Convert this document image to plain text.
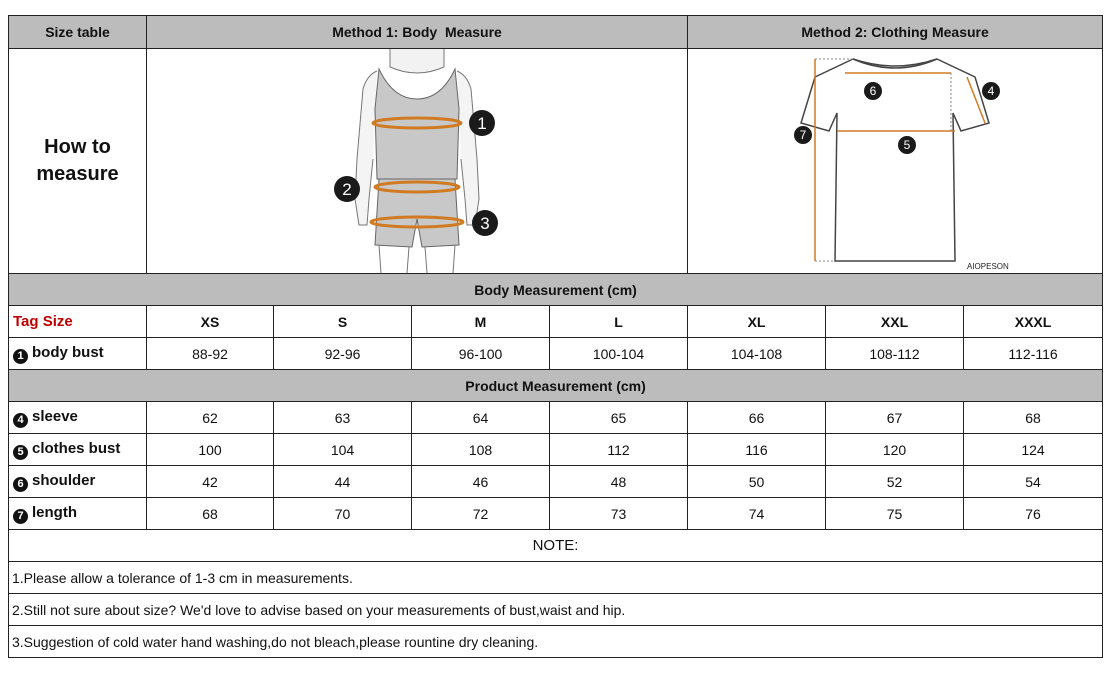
Size table	Method 1: Body  Measure				Method 2: Clothing Measure		
How to
measure	1
2
3				6 4
7
5
AIOPESON		

Body Measurement (cm)							
Tag Size	XS	S	M	L	XL	XXL	XXXL
1 body bust	88-92	92-96	96-100	100-104	104-108	108-112	112-116
Product Measurement (cm)							
4 sleeve	62	63	64	65	66	67	68
5 clothes bust	100	104	108	112	116	120	124
6 shoulder	42	44	46	48	50	52	54
7 length	68	70	72	73	74	75	76
NOTE:							
1.Please allow a tolerance of 1-3 cm in measurements.							
2.Still not sure about size? We'd love to advise based on your measurements of bust,waist and hip.							
3.Suggestion of cold water hand washing,do not bleach,please rountine dry cleaning.							
